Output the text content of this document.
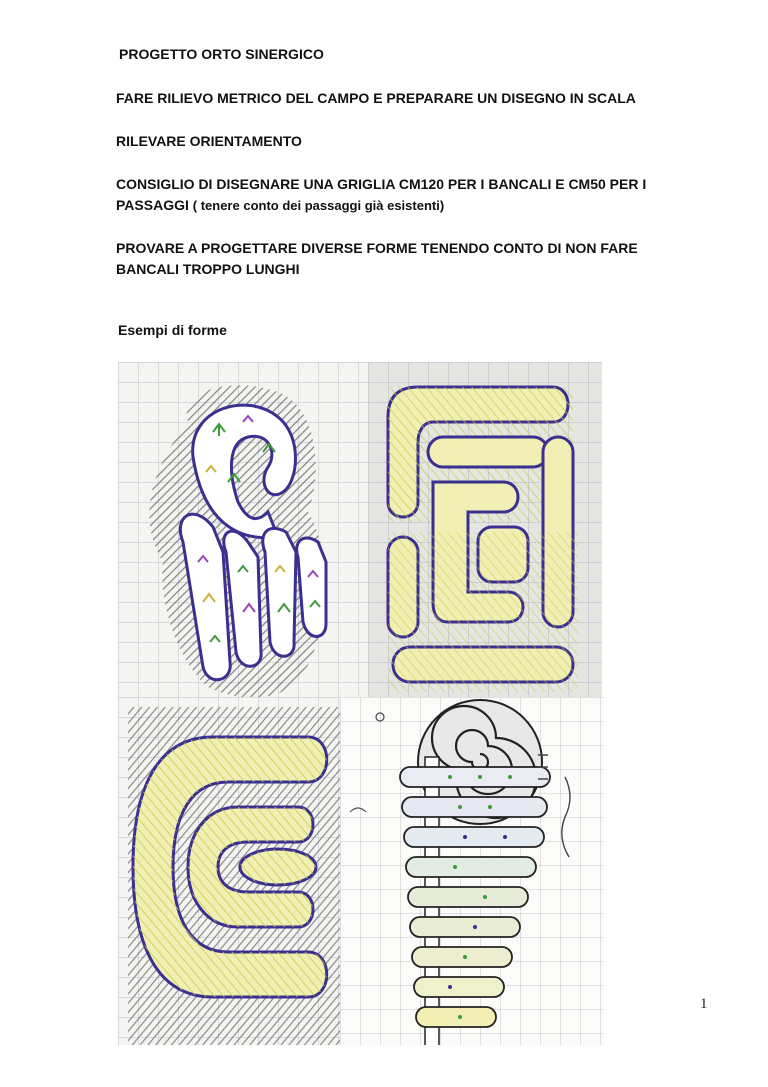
PROGETTO ORTO SINERGICO

FARE RILIEVO METRICO DEL CAMPO E PREPARARE UN DISEGNO IN SCALA

RILEVARE ORIENTAMENTO

CONSIGLIO DI DISEGNARE UNA GRIGLIA CM120 PER I BANCALI E CM50 PER I PASSAGGI ( tenere conto dei passaggi già esistenti)

PROVARE A PROGETTARE DIVERSE FORME TENENDO CONTO DI NON FARE BANCALI TROPPO LUNGHI

Esempi di forme
1
